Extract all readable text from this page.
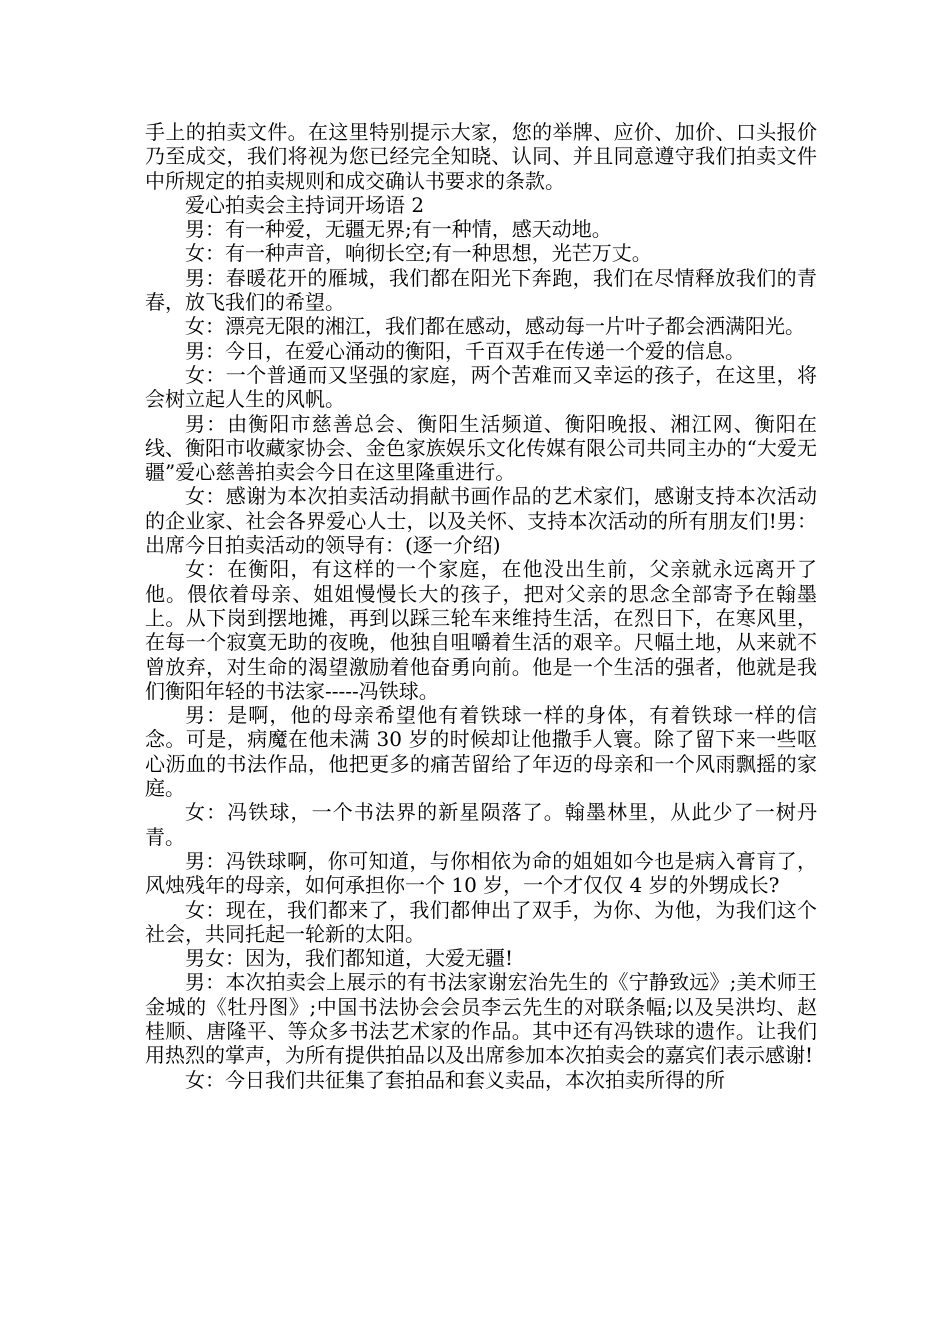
手上的拍卖文件。在这里特别提示大家，您的举牌、应价、加价、口头报价乃至成交，我们将视为您已经完全知晓、认同、并且同意遵守我们拍卖文件中所规定的拍卖规则和成交确认书要求的条款。

爱心拍卖会主持词开场语 2

男：有一种爱，无疆无界;有一种情，感天动地。

女：有一种声音，响彻长空;有一种思想，光芒万丈。

男：春暖花开的雁城，我们都在阳光下奔跑，我们在尽情释放我们的青春，放飞我们的希望。

女：漂亮无限的湘江，我们都在感动，感动每一片叶子都会洒满阳光。

男：今日，在爱心涌动的衡阳，千百双手在传递一个爱的信息。

女：一个普通而又坚强的家庭，两个苦难而又幸运的孩子，在这里，将会树立起人生的风帆。

男：由衡阳市慈善总会、衡阳生活频道、衡阳晚报、湘江网、衡阳在线、衡阳市收藏家协会、金色家族娱乐文化传媒有限公司共同主办的“大爱无疆”爱心慈善拍卖会今日在这里隆重进行。

女：感谢为本次拍卖活动捐献书画作品的艺术家们，感谢支持本次活动的企业家、社会各界爱心人士，以及关怀、支持本次活动的所有朋友们!男：出席今日拍卖活动的领导有：(逐一介绍)

女：在衡阳，有这样的一个家庭，在他没出生前，父亲就永远离开了他。偎依着母亲、姐姐慢慢长大的孩子，把对父亲的思念全部寄予在翰墨上。从下岗到摆地摊，再到以踩三轮车来维持生活，在烈日下，在寒风里，在每一个寂寞无助的夜晚，他独自咀嚼着生活的艰辛。尺幅土地，从来就不曾放弃，对生命的渴望激励着他奋勇向前。他是一个生活的强者，他就是我们衡阳年轻的书法家-----冯铁球。

男：是啊，他的母亲希望他有着铁球一样的身体，有着铁球一样的信念。可是，病魔在他未满 30 岁的时候却让他撒手人寰。除了留下来一些呕心沥血的书法作品，他把更多的痛苦留给了年迈的母亲和一个风雨飘摇的家庭。

女：冯铁球，一个书法界的新星陨落了。翰墨林里，从此少了一树丹青。

男：冯铁球啊，你可知道，与你相依为命的姐姐如今也是病入膏肓了，风烛残年的母亲，如何承担你一个 10 岁，一个才仅仅 4 岁的外甥成长?

女：现在，我们都来了，我们都伸出了双手，为你、为他，为我们这个社会，共同托起一轮新的太阳。

男女：因为，我们都知道，大爱无疆!

男：本次拍卖会上展示的有书法家谢宏治先生的《宁静致远》;美术师王金城的《牡丹图》;中国书法协会会员李云先生的对联条幅;以及吴洪均、赵桂顺、唐隆平、等众多书法艺术家的作品。其中还有冯铁球的遗作。让我们用热烈的掌声，为所有提供拍品以及出席参加本次拍卖会的嘉宾们表示感谢!

女：今日我们共征集了套拍品和套义卖品，本次拍卖所得的所
